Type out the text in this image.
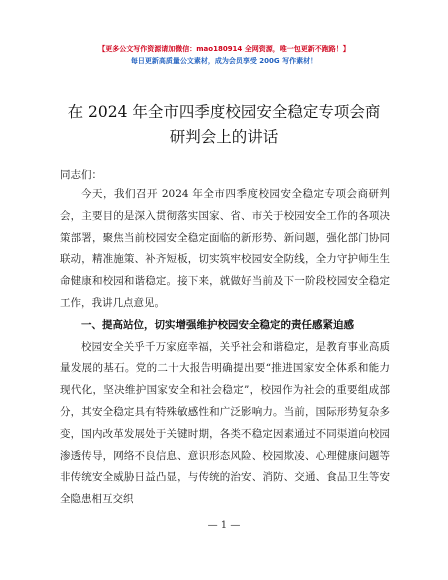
【更多公文写作资源请加微信：mao180914 全网资源，唯一包更新不跑路！】
每日更新高质量公文素材，成为会员享受 200G 写作素材！
在 2024 年全市四季度校园安全稳定专项会商研判会上的讲话
同志们：

今天，我们召开 2024 年全市四季度校园安全稳定专项会商研判会，主要目的是深入贯彻落实国家、省、市关于校园安全工作的各项决策部署，聚焦当前校园安全稳定面临的新形势、新问题，强化部门协同联动，精准施策、补齐短板，切实筑牢校园安全防线，全力守护师生生命健康和校园和谐稳定。接下来，就做好当前及下一阶段校园安全稳定工作，我讲几点意见。

一、提高站位，切实增强维护校园安全稳定的责任感紧迫感

校园安全关乎千万家庭幸福，关乎社会和谐稳定，是教育事业高质量发展的基石。党的二十大报告明确提出要“推进国家安全体系和能力现代化，坚决维护国家安全和社会稳定”，校园作为社会的重要组成部分，其安全稳定具有特殊敏感性和广泛影响力。当前，国际形势复杂多变，国内改革发展处于关键时期，各类不稳定因素通过不同渠道向校园渗透传导，网络不良信息、意识形态风险、校园欺凌、心理健康问题等非传统安全威胁日益凸显，与传统的治安、消防、交通、食品卫生等安全隐患相互交织

— 1 —
